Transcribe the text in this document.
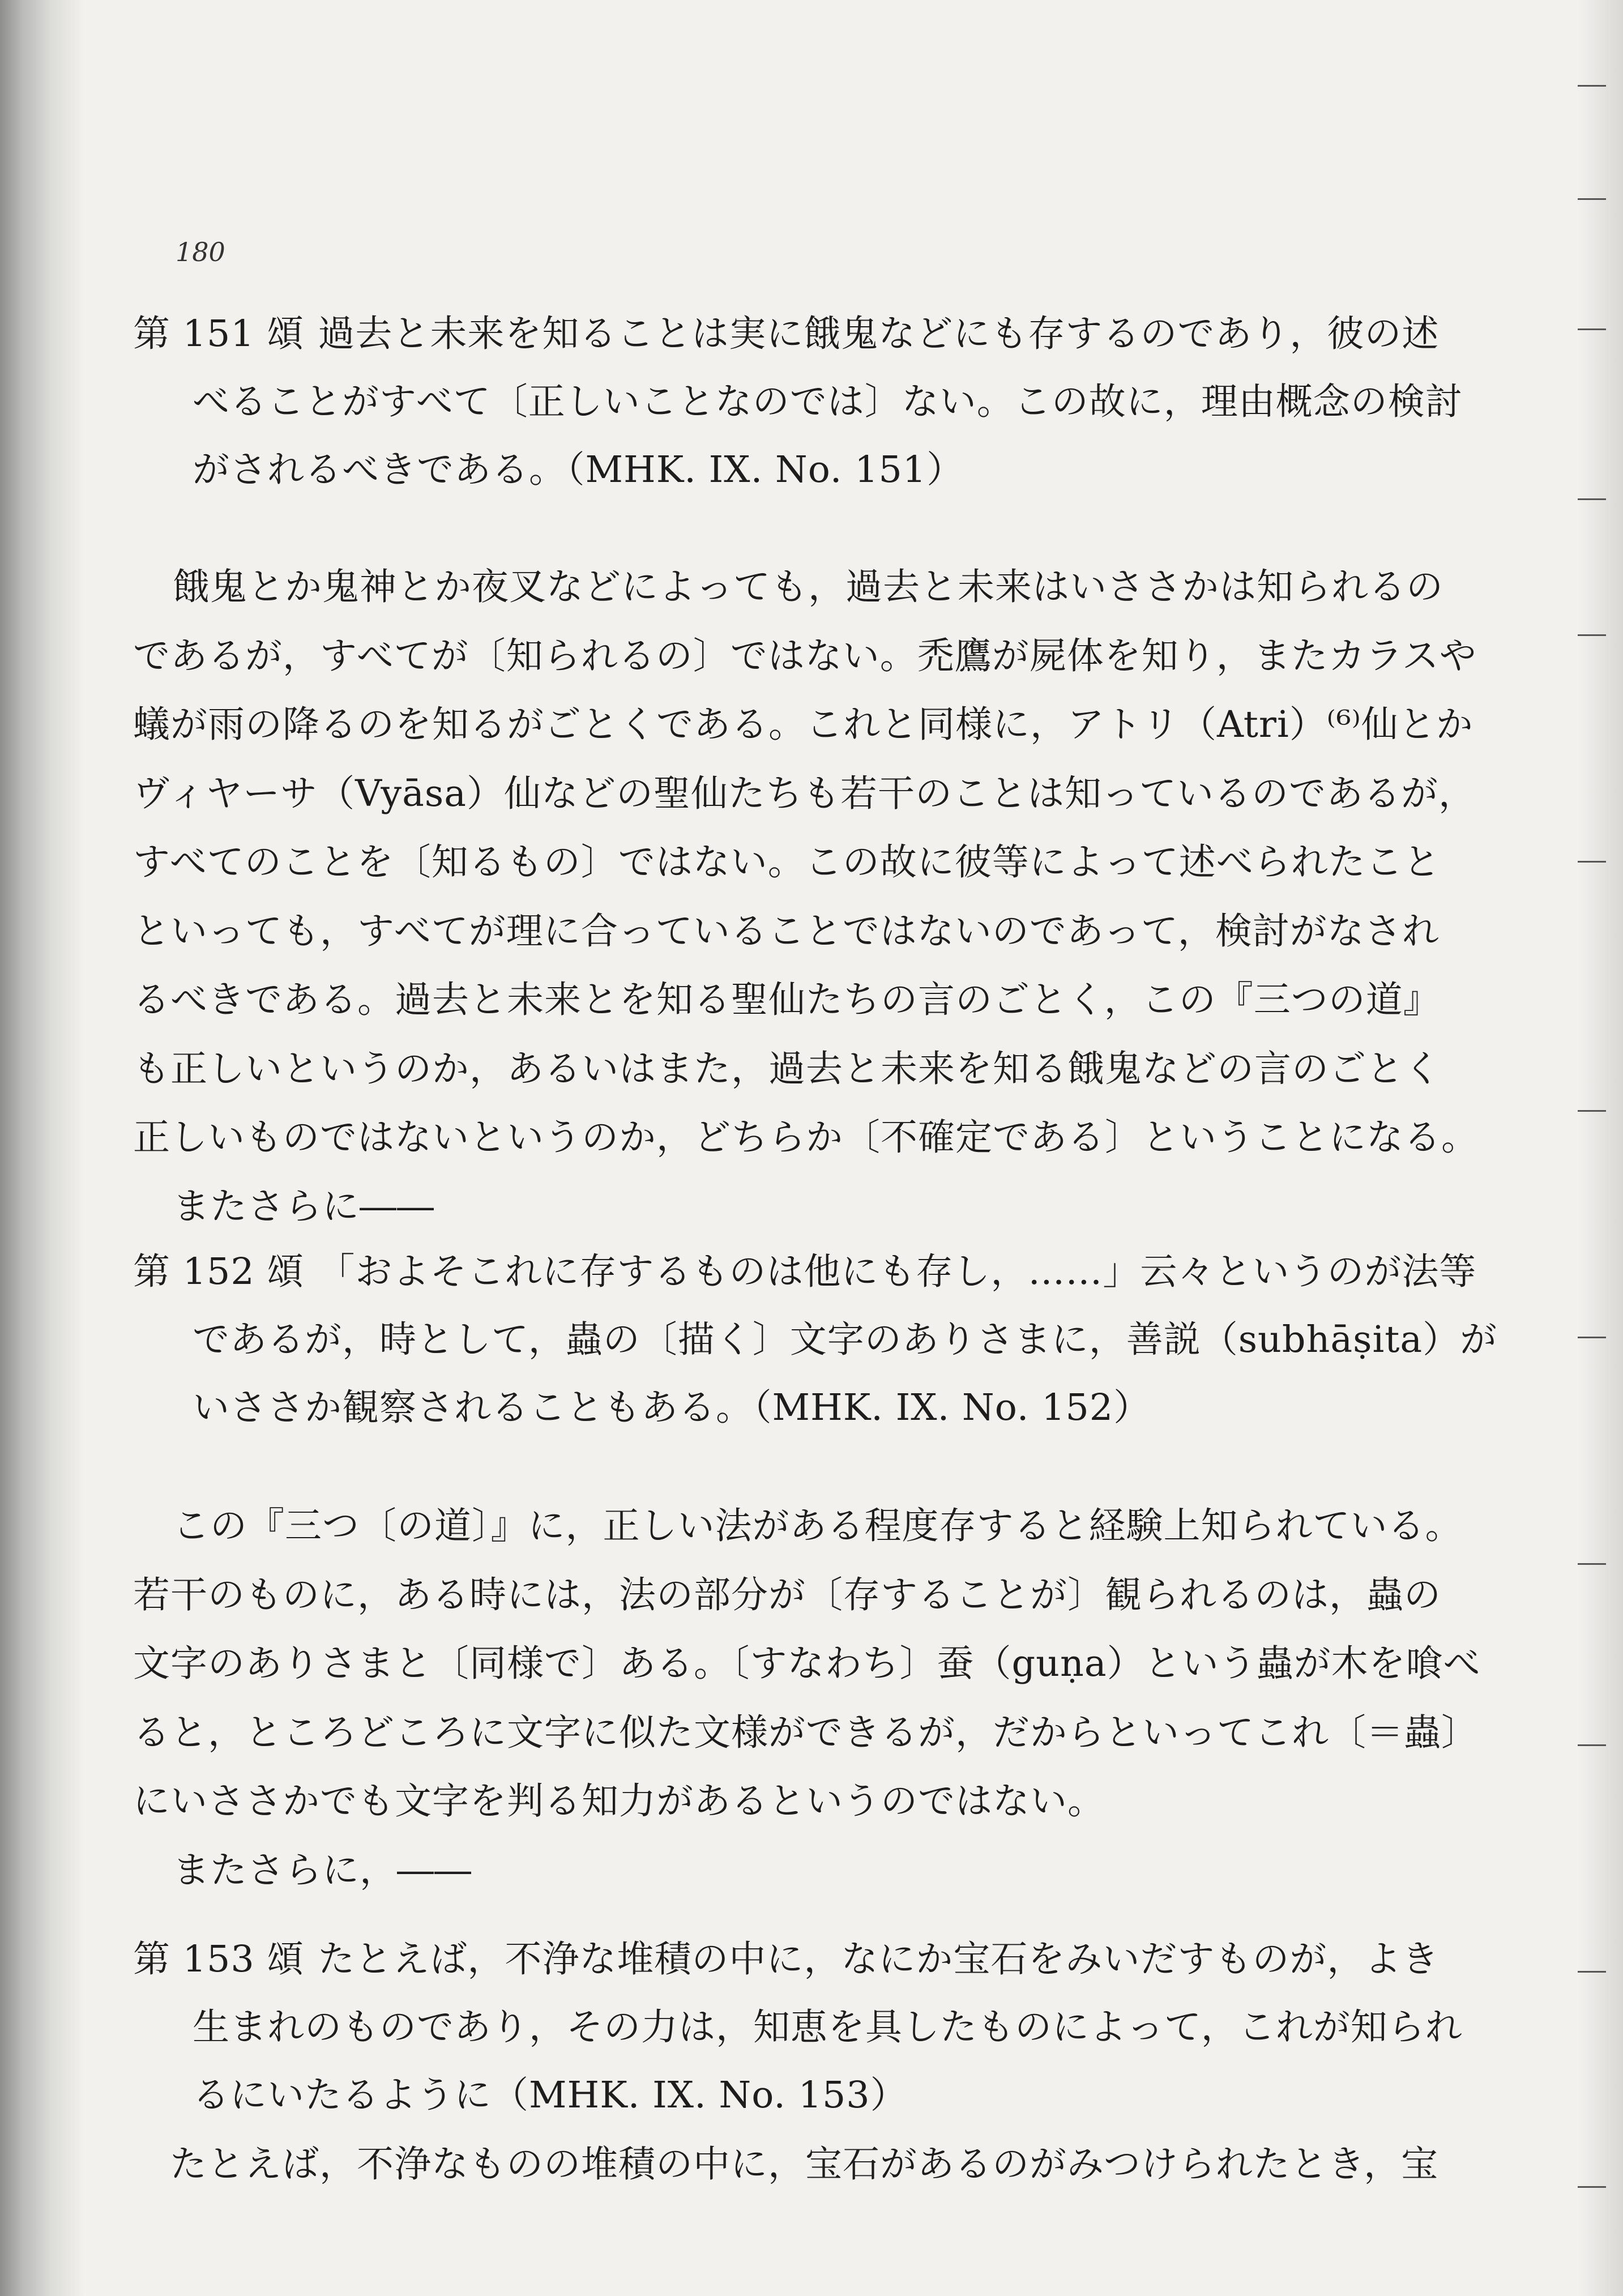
180
第 151 頌 過去と未来を知ることは実に餓鬼などにも存するのであり，彼の述
べることがすべて〔正しいことなのでは〕ない。この故に，理由概念の検討
がされるべきである。（MHK. IX. No. 151）
餓鬼とか鬼神とか夜叉などによっても，過去と未来はいささかは知られるの
であるが，すべてが〔知られるの〕ではない。禿鷹が屍体を知り，またカラスや
蟻が雨の降るのを知るがごとくである。これと同様に，アトリ（Atri）⁽⁶⁾仙とか
ヴィヤーサ（Vyāsa）仙などの聖仙たちも若干のことは知っているのであるが，
すべてのことを〔知るもの〕ではない。この故に彼等によって述べられたこと
といっても，すべてが理に合っていることではないのであって，検討がなされ
るべきである。過去と未来とを知る聖仙たちの言のごとく，この『三つの道』
も正しいというのか，あるいはまた，過去と未来を知る餓鬼などの言のごとく
正しいものではないというのか，どちらか〔不確定である〕ということになる。
またさらに――
第 152 頌 「およそこれに存するものは他にも存し，……」云々というのが法等
であるが，時として，蟲の〔描く〕文字のありさまに，善説（subhāṣita）が
いささか観察されることもある。（MHK. IX. No. 152）
この『三つ〔の道〕』に，正しい法がある程度存すると経験上知られている。
若干のものに，ある時には，法の部分が〔存することが〕観られるのは，蟲の
文字のありさまと〔同様で〕ある。〔すなわち〕蚕（guṇa）という蟲が木を喰べ
ると，ところどころに文字に似た文様ができるが，だからといってこれ〔＝蟲〕
にいささかでも文字を判る知力があるというのではない。
またさらに，――
第 153 頌 たとえば，不浄な堆積の中に，なにか宝石をみいだすものが，よき
生まれのものであり，その力は，知恵を具したものによって，これが知られ
るにいたるように（MHK. IX. No. 153）
たとえば，不浄なものの堆積の中に，宝石があるのがみつけられたとき，宝
